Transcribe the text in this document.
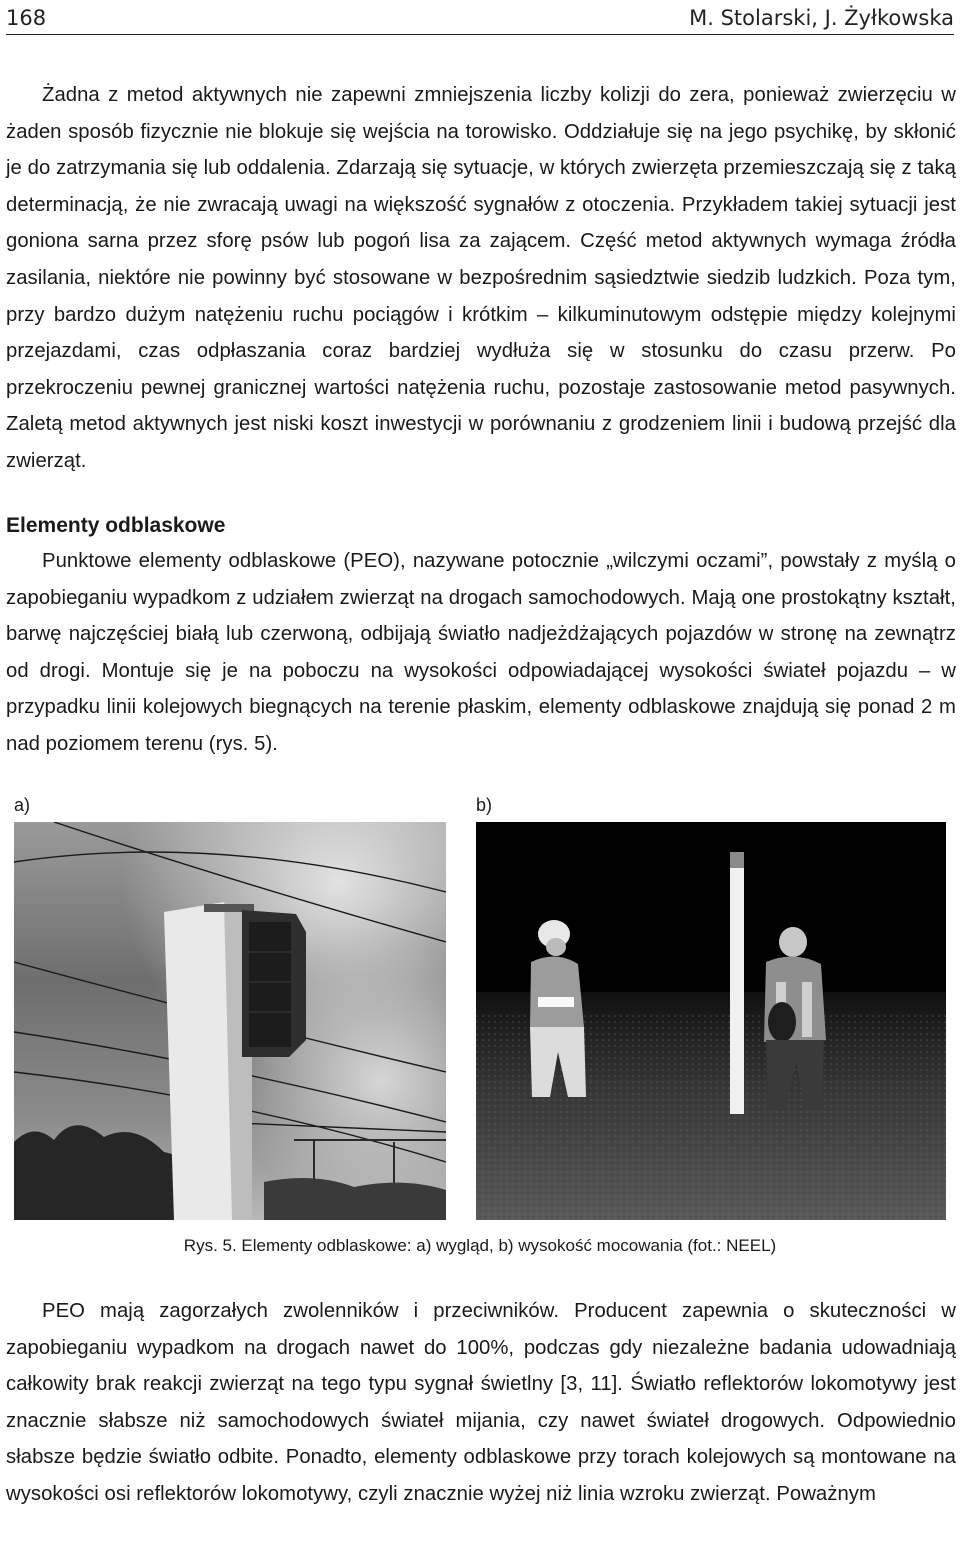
168	M. Stolarski, J. Żyłkowska

Żadna z metod aktywnych nie zapewni zmniejszenia liczby kolizji do zera, ponieważ zwierzęciu w żaden sposób fizycznie nie blokuje się wejścia na torowisko. Oddziałuje się na jego psychikę, by skłonić je do zatrzymania się lub oddalenia. Zdarzają się sytuacje, w których zwierzęta przemieszczają się z taką determinacją, że nie zwracają uwagi na większość sygnałów z otoczenia. Przykładem takiej sytuacji jest goniona sarna przez sforę psów lub pogoń lisa za zającem. Część metod aktywnych wymaga źródła zasilania, niektóre nie powinny być stosowane w bezpośrednim sąsiedztwie siedzib ludzkich. Poza tym, przy bardzo dużym natężeniu ruchu pociągów i krótkim – kilkuminutowym odstępie między kolejnymi przejazdami, czas odpłaszania coraz bardziej wydłuża się w stosunku do czasu przerw. Po przekroczeniu pewnej granicznej wartości natężenia ruchu, pozostaje zastosowanie metod pasywnych. Zaletą metod aktywnych jest niski koszt inwestycji w porównaniu z grodzeniem linii i budową przejść dla zwierząt.

Elementy odblaskowe

Punktowe elementy odblaskowe (PEO), nazywane potocznie „wilczymi oczami”, powstały z myślą o zapobieganiu wypadkom z udziałem zwierząt na drogach samochodowych. Mają one prostokątny kształt, barwę najczęściej białą lub czerwoną, odbijają światło nadjeżdżających pojazdów w stronę na zewnątrz od drogi. Montuje się je na poboczu na wysokości odpowiadającej wysokości świateł pojazdu – w przypadku linii kolejowych biegnących na terenie płaskim, elementy odblaskowe znajdują się ponad 2 m nad poziomem terenu (rys. 5).

a)	b)
Rys. 5. Elementy odblaskowe: a) wygląd, b) wysokość mocowania (fot.: NEEL)

PEO mają zagorzałych zwolenników i przeciwników. Producent zapewnia o skuteczności w zapobieganiu wypadkom na drogach nawet do 100%, podczas gdy niezależne badania udowadniają całkowity brak reakcji zwierząt na tego typu sygnał świetlny [3, 11]. Światło reflektorów lokomotywy jest znacznie słabsze niż samochodowych świateł mijania, czy nawet świateł drogowych. Odpowiednio słabsze będzie światło odbite. Ponadto, elementy odblaskowe przy torach kolejowych są montowane na wysokości osi reflektorów lokomotywy, czyli znacznie wyżej niż linia wzroku zwierząt. Poważnym
